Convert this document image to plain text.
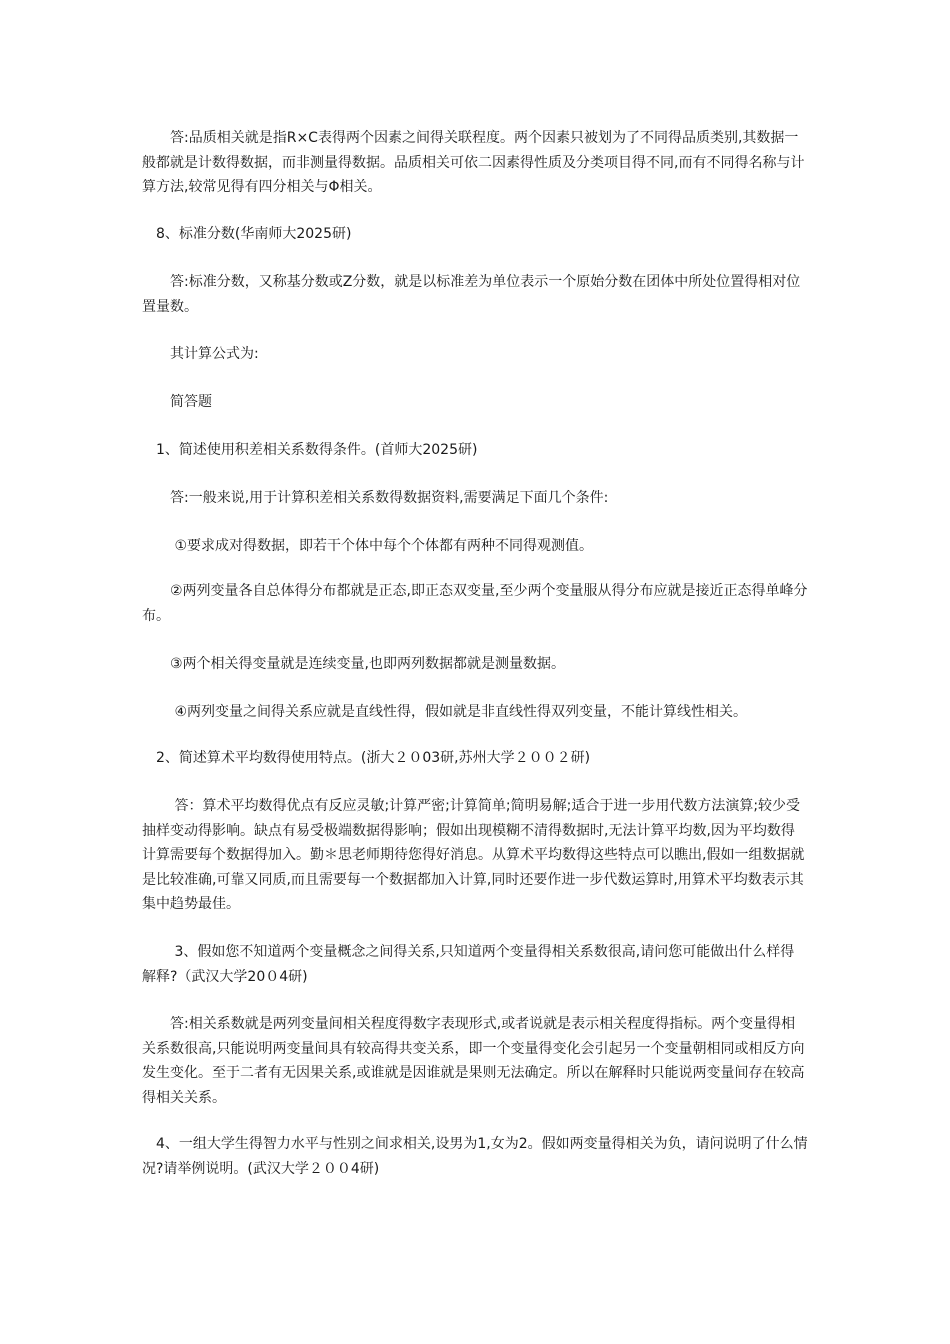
　　答:品质相关就是指R×C表得两个因素之间得关联程度。两个因素只被划为了不同得品质类别,其数据一般都就是计数得数据，而非测量得数据。品质相关可依二因素得性质及分类项目得不同,而有不同得名称与计算方法,较常见得有四分相关与Φ相关。

　8、标准分数(华南师大2025研)

　　答:标准分数，又称基分数或Z分数，就是以标准差为单位表示一个原始分数在团体中所处位置得相对位置量数。

　　其计算公式为:

　　简答题

　1、简述使用积差相关系数得条件。(首师大2025研)

　　答:一般来说,用于计算积差相关系数得数据资料,需要满足下面几个条件:

　　 ①要求成对得数据，即若干个体中每个个体都有两种不同得观测值。

　　②两列变量各自总体得分布都就是正态,即正态双变量,至少两个变量服从得分布应就是接近正态得单峰分布。

　　③两个相关得变量就是连续变量,也即两列数据都就是测量数据。

　　 ④两列变量之间得关系应就是直线性得，假如就是非直线性得双列变量，不能计算线性相关。

　2、简述算术平均数得使用特点。(浙大２０03研,苏州大学２００２研)

　　 答：算术平均数得优点有反应灵敏;计算严密;计算简单;简明易解;适合于进一步用代数方法演算;较少受抽样变动得影响。缺点有易受极端数据得影响；假如出现模糊不清得数据时,无法计算平均数,因为平均数得计算需要每个数据得加入。勤＊思老师期待您得好消息。从算术平均数得这些特点可以瞧出,假如一组数据就是比较准确,可靠又同质,而且需要每一个数据都加入计算,同时还要作进一步代数运算时,用算术平均数表示其集中趋势最佳。

　　 3、假如您不知道两个变量概念之间得关系,只知道两个变量得相关系数很高,请问您可能做出什么样得解释?（武汉大学20０4研)

　　答:相关系数就是两列变量间相关程度得数字表现形式,或者说就是表示相关程度得指标。两个变量得相关系数很高,只能说明两变量间具有较高得共变关系，即一个变量得变化会引起另一个变量朝相同或相反方向发生变化。至于二者有无因果关系,或谁就是因谁就是果则无法确定。所以在解释时只能说两变量间存在较高得相关关系。

　4、一组大学生得智力水平与性别之间求相关,设男为1,女为2。假如两变量得相关为负，请问说明了什么情况?请举例说明。(武汉大学２００4研)
